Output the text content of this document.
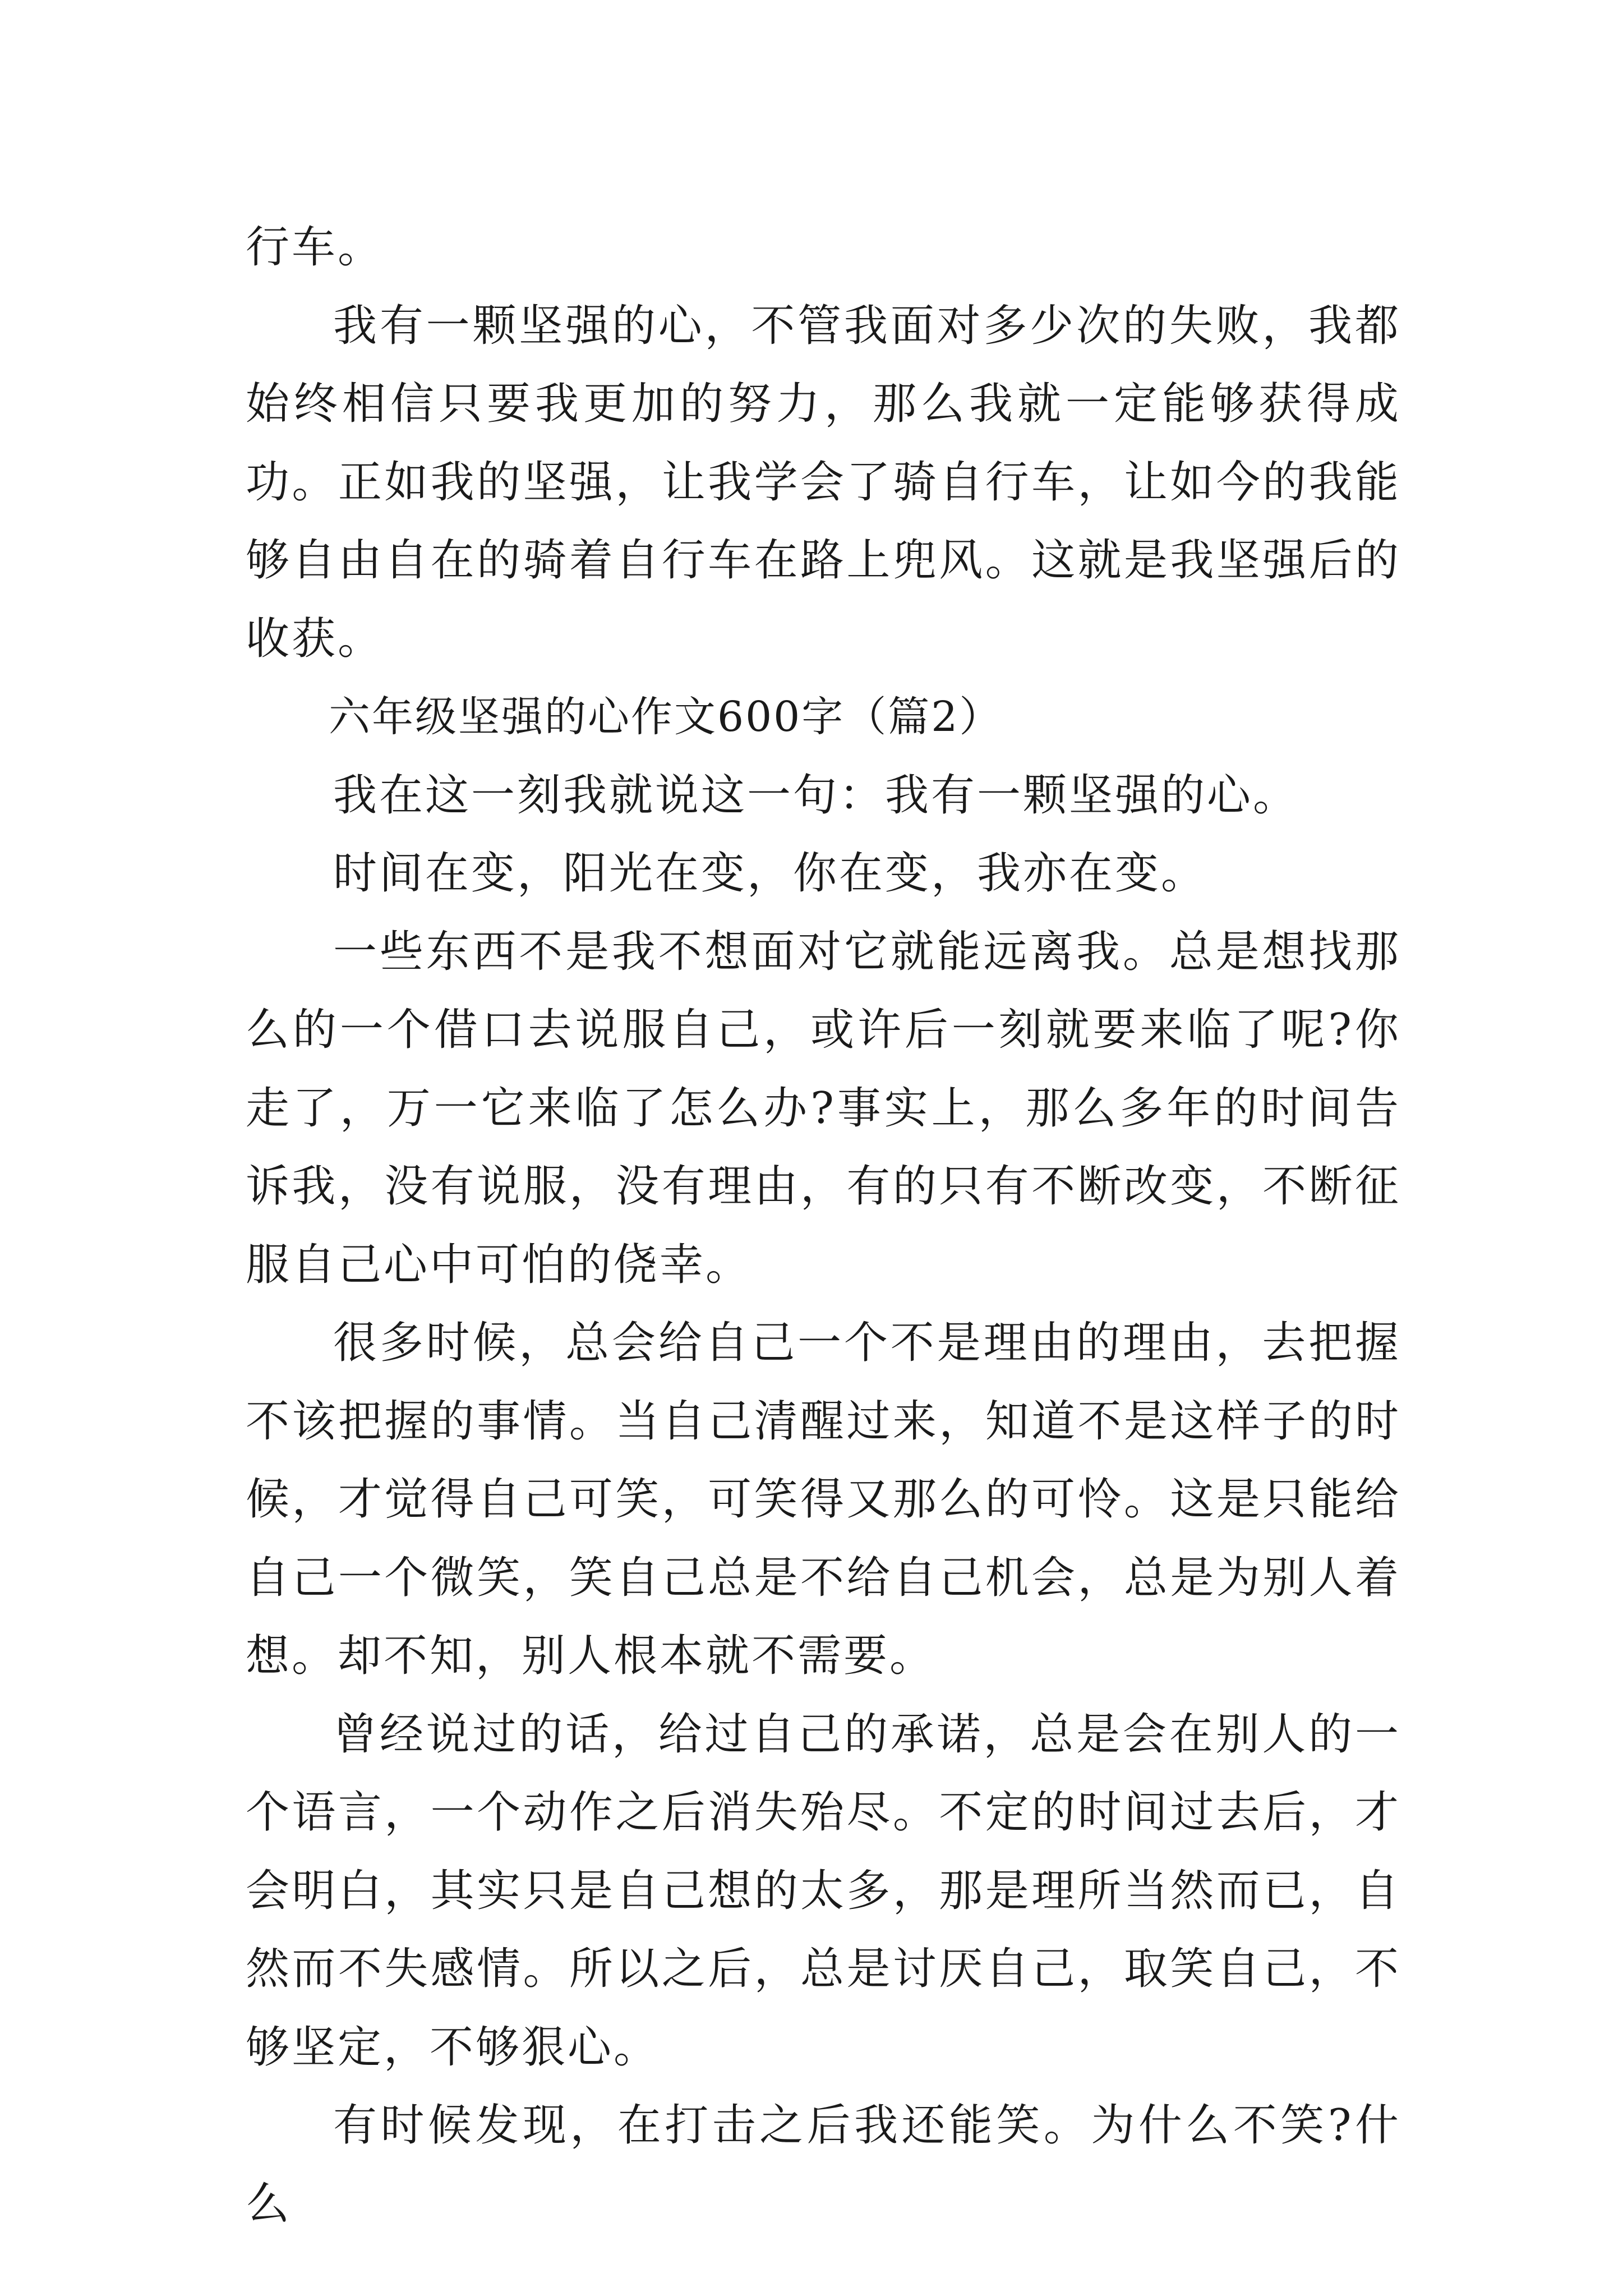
行车。

我有一颗坚强的心，不管我面对多少次的失败，我都始终相信只要我更加的努力，那么我就一定能够获得成功。正如我的坚强，让我学会了骑自行车，让如今的我能够自由自在的骑着自行车在路上兜风。这就是我坚强后的收获。

六年级坚强的心作文600字（篇2）

我在这一刻我就说这一句：我有一颗坚强的心。

时间在变，阳光在变，你在变，我亦在变。

一些东西不是我不想面对它就能远离我。总是想找那么的一个借口去说服自己，或许后一刻就要来临了呢?你走了，万一它来临了怎么办?事实上，那么多年的时间告诉我，没有说服，没有理由，有的只有不断改变，不断征服自己心中可怕的侥幸。

很多时候，总会给自己一个不是理由的理由，去把握不该把握的事情。当自己清醒过来，知道不是这样子的时候，才觉得自己可笑，可笑得又那么的可怜。这是只能给自己一个微笑，笑自己总是不给自己机会，总是为别人着想。却不知，别人根本就不需要。

曾经说过的话，给过自己的承诺，总是会在别人的一个语言，一个动作之后消失殆尽。不定的时间过去后，才会明白，其实只是自己想的太多，那是理所当然而已，自然而不失感情。所以之后，总是讨厌自己，取笑自己，不够坚定，不够狠心。

有时候发现，在打击之后我还能笑。为什么不笑?什么
